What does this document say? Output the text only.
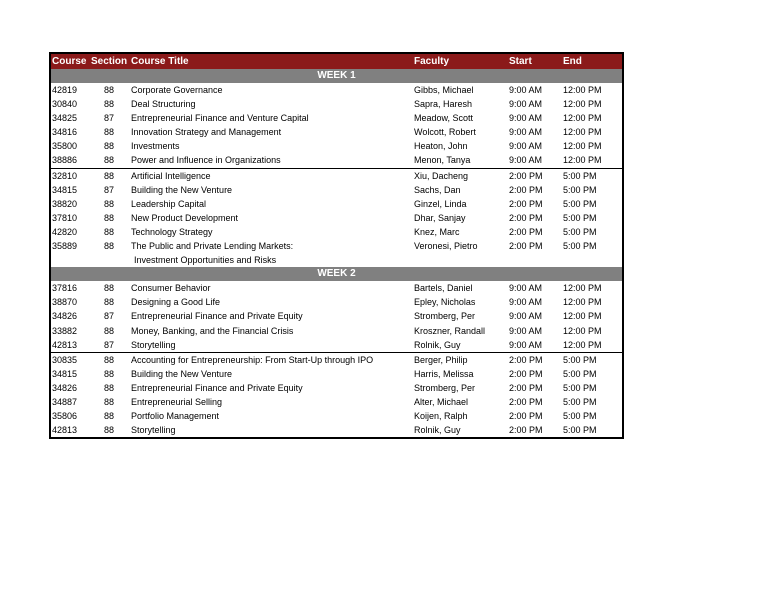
Course Section Course Title	Faculty	Start	End
WEEK 1
42819	88 Corporate Governance	Gibbs, Michael	9:00 AM 12:00 PM
30840	88 Deal Structuring	Sapra, Haresh	9:00 AM 12:00 PM
34825	87 Entrepreneurial Finance and Venture Capital	Meadow, Scott	9:00 AM 12:00 PM
34816	88 Innovation Strategy and Management	Wolcott, Robert	9:00 AM 12:00 PM
35800	88 Investments	Heaton, John	9:00 AM 12:00 PM
38886	88 Power and Influence in Organizations	Menon, Tanya	9:00 AM 12:00 PM
32810	88 Artificial Intelligence	Xiu, Dacheng	2:00 PM 5:00 PM
34815	87 Building the New Venture	Sachs, Dan	2:00 PM 5:00 PM
38820	88 Leadership Capital	Ginzel, Linda	2:00 PM 5:00 PM
37810	88 New Product Development	Dhar, Sanjay	2:00 PM 5:00 PM
42820	88 Technology Strategy	Knez, Marc	2:00 PM 5:00 PM
35889	88 The Public and Private Lending Markets:	Veronesi, Pietro	2:00 PM 5:00 PM
Investment Opportunities and Risks
WEEK 2
37816	88 Consumer Behavior	Bartels, Daniel	9:00 AM 12:00 PM
38870	88 Designing a Good Life	Epley, Nicholas	9:00 AM 12:00 PM
34826	87 Entrepreneurial Finance and Private Equity	Stromberg, Per	9:00 AM 12:00 PM
33882	88 Money, Banking, and the Financial Crisis	Kroszner, Randall	9:00 AM 12:00 PM
42813	87 Storytelling	Rolnik, Guy	9:00 AM 12:00 PM
30835	88 Accounting for Entrepreneurship: From Start-Up through IPO	Berger, Philip	2:00 PM 5:00 PM
34815	88 Building the New Venture	Harris, Melissa	2:00 PM 5:00 PM
34826	88 Entrepreneurial Finance and Private Equity	Stromberg, Per	2:00 PM 5:00 PM
34887	88 Entrepreneurial Selling	Alter, Michael	2:00 PM 5:00 PM
35806	88 Portfolio Management	Koijen, Ralph	2:00 PM 5:00 PM
42813	88 Storytelling	Rolnik, Guy	2:00 PM 5:00 PM
